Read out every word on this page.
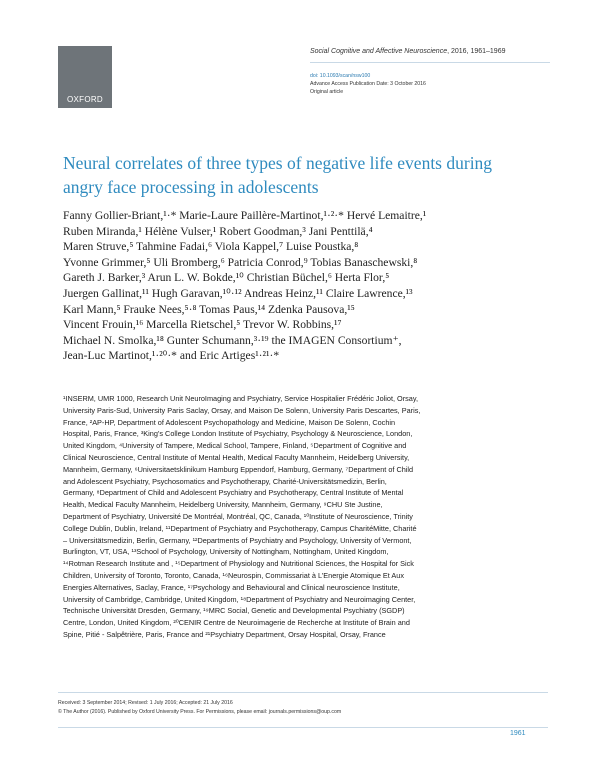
OXFORD
Social Cognitive and Affective Neuroscience, 2016, 1961–1969
doi: 10.1093/scan/nsw100
Advance Access Publication Date: 3 October 2016
Original article
Neural correlates of three types of negative life events during angry face processing in adolescents

Fanny Gollier-Briant,¹·* Marie-Laure Paillère-Martinot,¹·²·* Hervé Lemaitre,¹

Ruben Miranda,¹ Hélène Vulser,¹ Robert Goodman,³ Jani Penttilä,⁴

Maren Struve,⁵ Tahmine Fadai,⁶ Viola Kappel,⁷ Luise Poustka,⁸

Yvonne Grimmer,⁵ Uli Bromberg,⁶ Patricia Conrod,⁹ Tobias Banaschewski,⁸

Gareth J. Barker,³ Arun L. W. Bokde,¹⁰ Christian Büchel,⁶ Herta Flor,⁵

Juergen Gallinat,¹¹ Hugh Garavan,¹⁰·¹² Andreas Heinz,¹¹ Claire Lawrence,¹³

Karl Mann,⁵ Frauke Nees,⁵·⁸ Tomas Paus,¹⁴ Zdenka Pausova,¹⁵

Vincent Frouin,¹⁶ Marcella Rietschel,⁵ Trevor W. Robbins,¹⁷

Michael N. Smolka,¹⁸ Gunter Schumann,³·¹⁹ the IMAGEN Consortium⁺,

Jean-Luc Martinot,¹·²⁰·* and Eric Artiges¹·²¹·*

¹INSERM, UMR 1000, Research Unit NeuroImaging and Psychiatry, Service Hospitalier Frédéric Joliot, Orsay,

University Paris-Sud, University Paris Saclay, Orsay, and Maison De Solenn, University Paris Descartes, Paris,

France, ²AP-HP, Department of Adolescent Psychopathology and Medicine, Maison De Solenn, Cochin

Hospital, Paris, France, ³King’s College London Institute of Psychiatry, Psychology & Neuroscience, London,

United Kingdom, ⁴University of Tampere, Medical School, Tampere, Finland, ⁵Department of Cognitive and

Clinical Neuroscience, Central Institute of Mental Health, Medical Faculty Mannheim, Heidelberg University,

Mannheim, Germany, ⁶Universitaetsklinikum Hamburg Eppendorf, Hamburg, Germany, ⁷Department of Child

and Adolescent Psychiatry, Psychosomatics and Psychotherapy, Charité-Universitätsmedizin, Berlin,

Germany, ⁸Department of Child and Adolescent Psychiatry and Psychotherapy, Central Institute of Mental

Health, Medical Faculty Mannheim, Heidelberg University, Mannheim, Germany, ⁹CHU Ste Justine,

Department of Psychiatry, Université De Montréal, Montréal, QC, Canada, ¹⁰Institute of Neuroscience, Trinity

College Dublin, Dublin, Ireland, ¹¹Department of Psychiatry and Psychotherapy, Campus CharitéMitte, Charité

– Universitätsmedizin, Berlin, Germany, ¹²Departments of Psychiatry and Psychology, University of Vermont,

Burlington, VT, USA, ¹³School of Psychology, University of Nottingham, Nottingham, United Kingdom,

¹⁴Rotman Research Institute and , ¹⁵Department of Physiology and Nutritional Sciences, the Hospital for Sick

Children, University of Toronto, Toronto, Canada, ¹⁶Neurospin, Commissariat à L’Energie Atomique Et Aux

Energies Alternatives, Saclay, France, ¹⁷Psychology and Behavioural and Clinical neuroscience Institute,

University of Cambridge, Cambridge, United Kingdom, ¹⁸Department of Psychiatry and Neuroimaging Center,

Technische Universität Dresden, Germany, ¹⁹MRC Social, Genetic and Developmental Psychiatry (SGDP)

Centre, London, United Kingdom, ²⁰CENIR Centre de Neuroimagerie de Recherche at Institute of Brain and

Spine, Pitié - Salpêtrière, Paris, France and ²¹Psychiatry Department, Orsay Hospital, Orsay, France

Received: 3 September 2014; Revised: 1 July 2016; Accepted: 21 July 2016
© The Author (2016). Published by Oxford University Press. For Permissions, please email: journals.permissions@oup.com
1961
